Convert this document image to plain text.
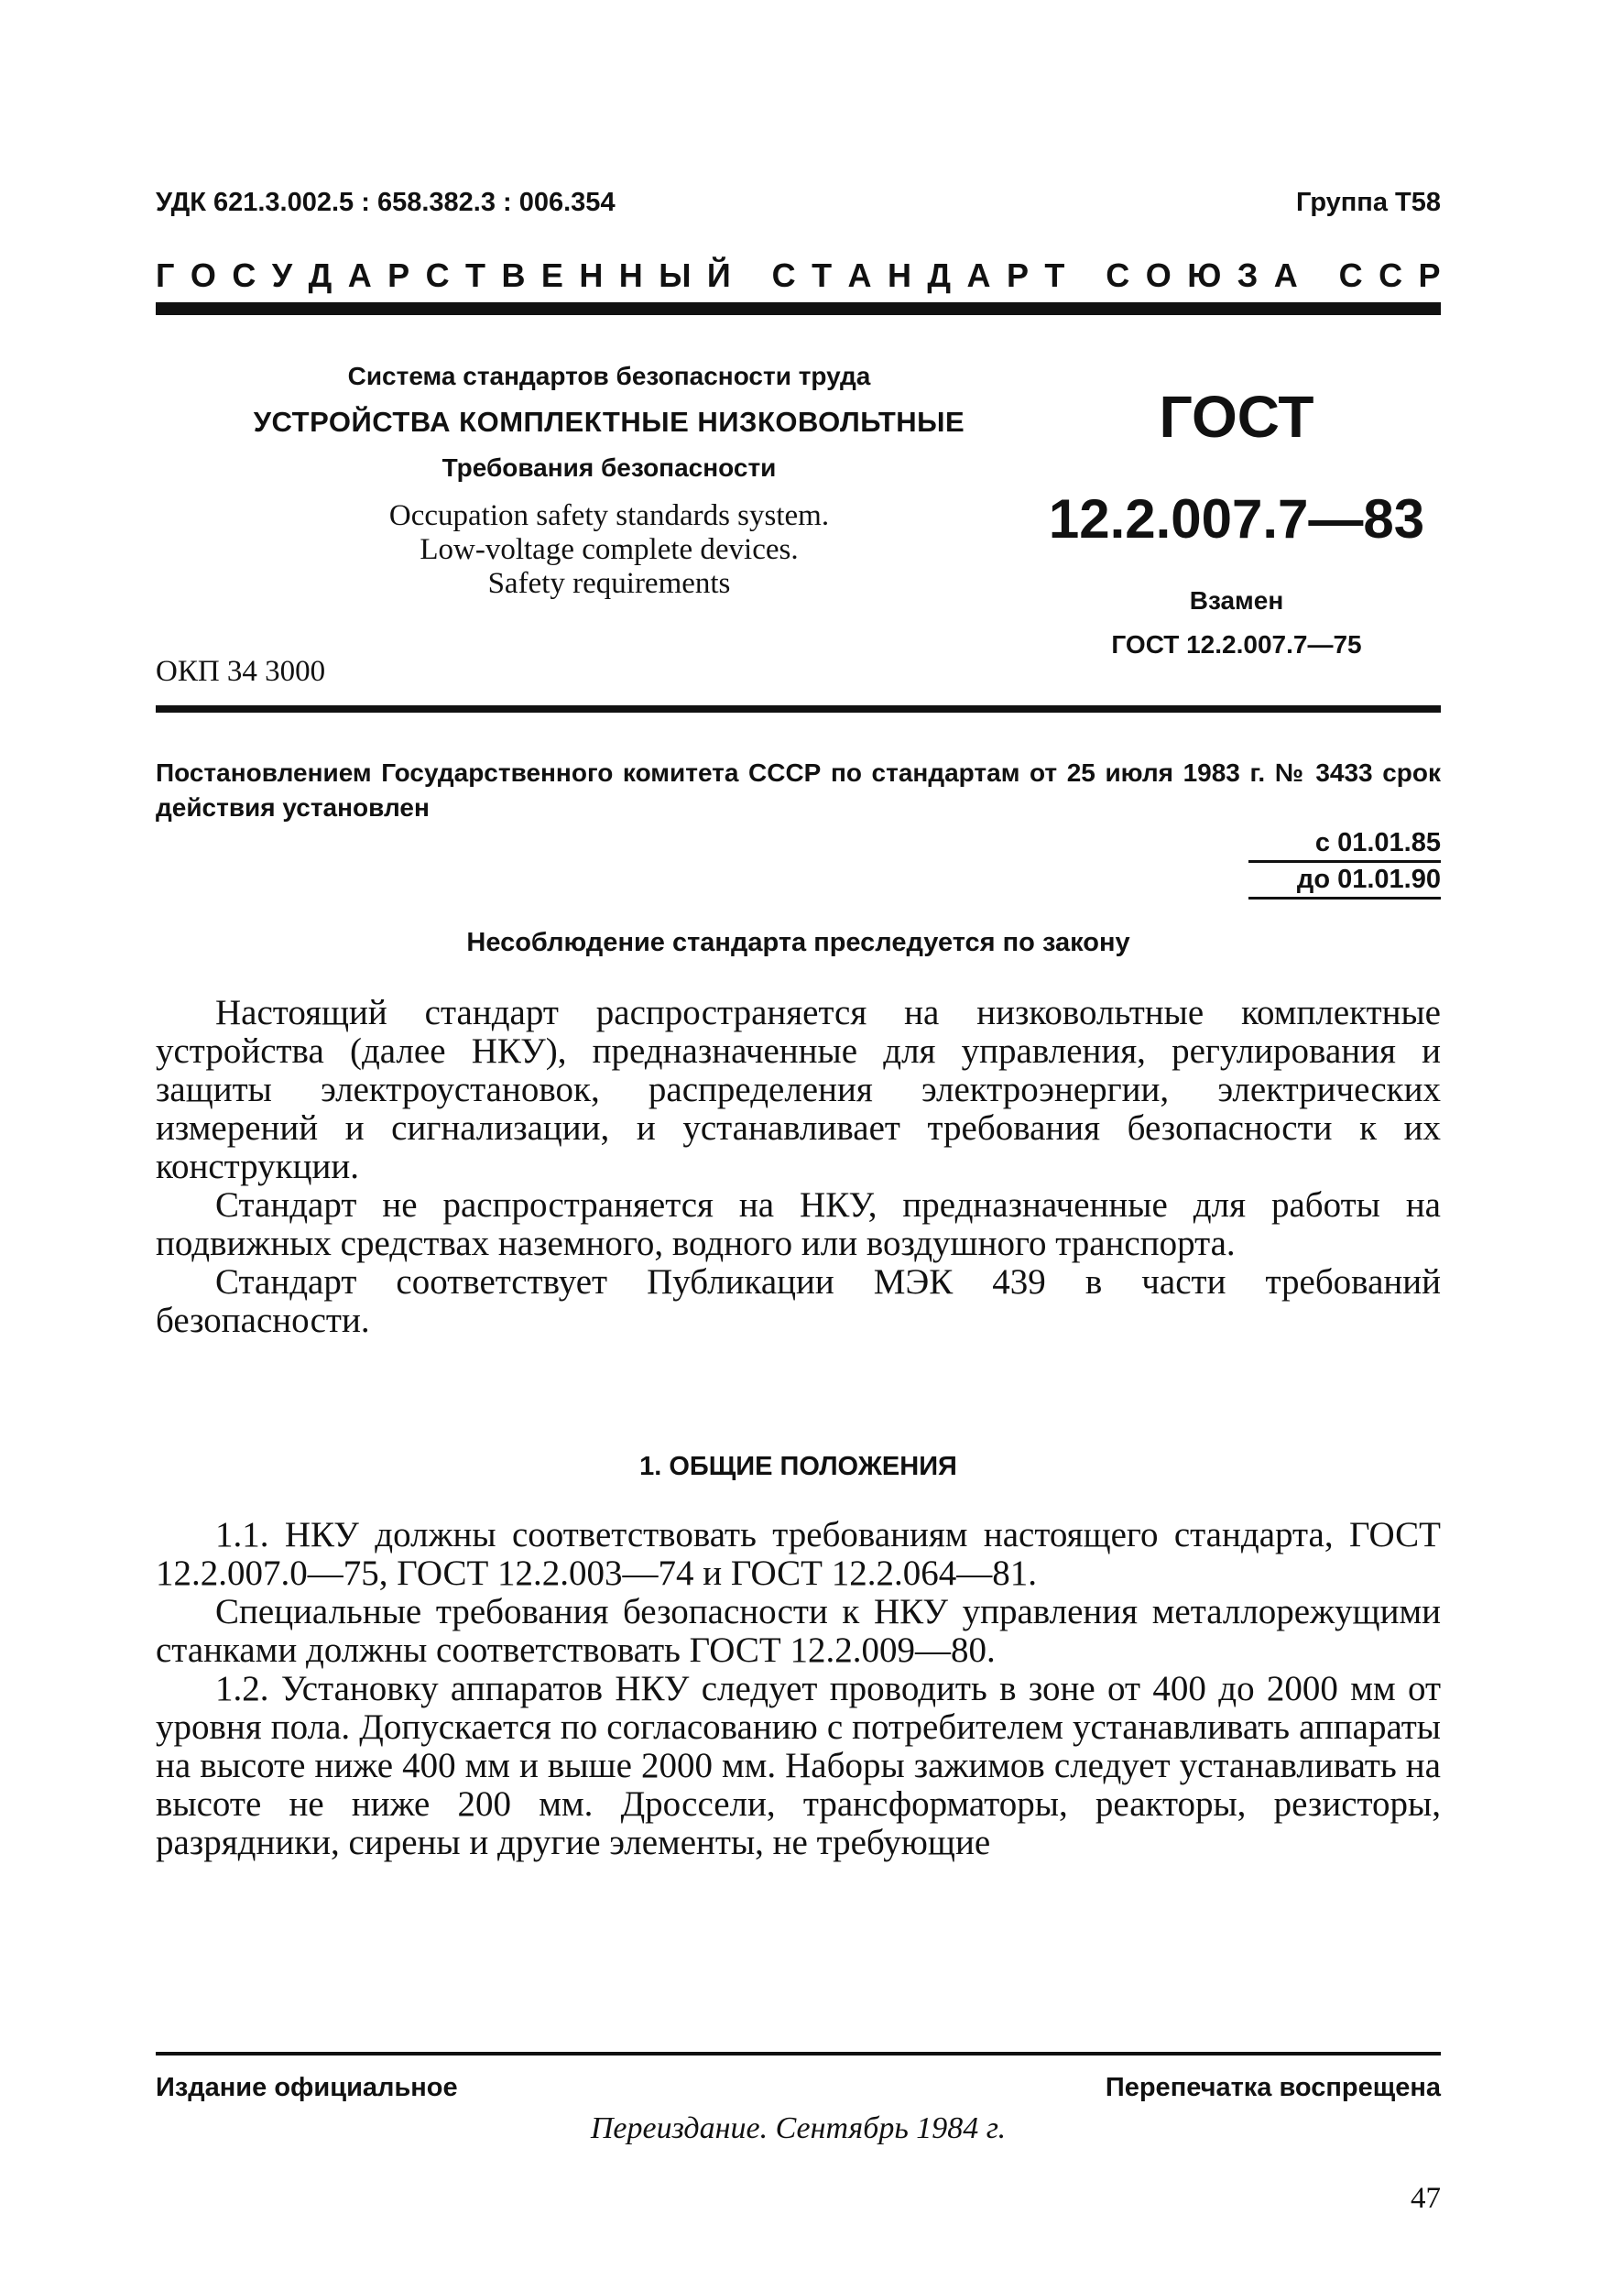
УДК 621.3.002.5 : 658.382.3 : 006.354	Группа Т58
Г О С У Д А Р С Т В Е Н Н Ы Й
С Т А Н Д А Р Т
С О Ю З А
С С Р
Система стандартов безопасности труда
УСТРОЙСТВА КОМПЛЕКТНЫЕ НИЗКОВОЛЬТНЫЕ
Требования безопасности
Occupation safety standards system.
Low-voltage complete devices.
Safety requirements
ГОСТ
12.2.007.7—83
Взамен
ГОСТ 12.2.007.7—75
ОКП 34 3000
Постановлением Государственного комитета СССР по стандартам от 25 июля 1983 г. № 3433 срок действия установлен
с 01.01.85
до 01.01.90
Несоблюдение стандарта преследуется по закону

Настоящий стандарт распространяется на низковольтные комплектные устройства (далее НКУ), предназначенные для управления, регулирования и защиты электроустановок, распределения электроэнергии, электрических измерений и сигнализации, и устанавливает требования безопасности к их конструкции.

Стандарт не распространяется на НКУ, предназначенные для работы на подвижных средствах наземного, водного или воздушного транспорта.

Стандарт соответствует Публикации МЭК 439 в части требований безопасности.

1. ОБЩИЕ ПОЛОЖЕНИЯ

1.1. НКУ должны соответствовать требованиям настоящего стандарта, ГОСТ 12.2.007.0—75, ГОСТ 12.2.003—74 и ГОСТ 12.2.064—81.

Специальные требования безопасности к НКУ управления металлорежущими станками должны соответствовать ГОСТ 12.2.009—80.

1.2. Установку аппаратов НКУ следует проводить в зоне от 400 до 2000 мм от уровня пола. Допускается по согласованию с потребителем устанавливать аппараты на высоте ниже 400 мм и выше 2000 мм. Наборы зажимов следует устанавливать на высоте не ниже 200 мм. Дроссели, трансформаторы, реакторы, резисторы, разрядники, сирены и другие элементы, не требующие

Издание официальное	Перепечатка воспрещена
Переиздание. Сентябрь 1984 г.
47
